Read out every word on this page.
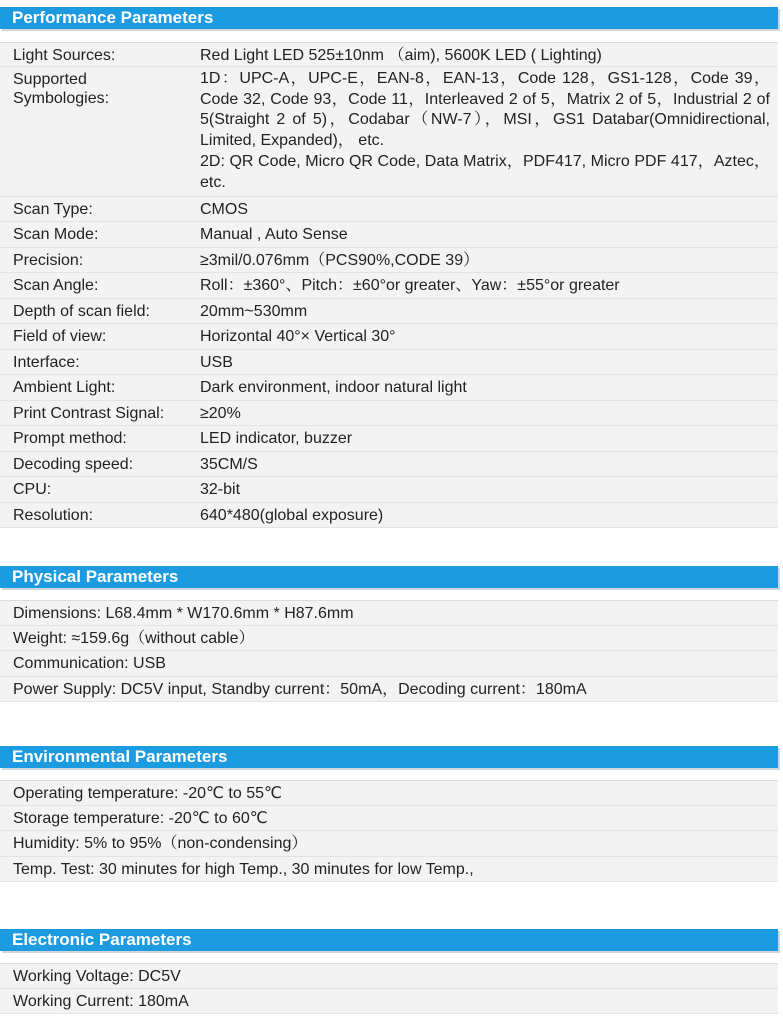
Performance Parameters
Light Sources:	Red Light LED 525±10nm （aim), 5600K LED ( Lighting)
Supported
Symbologies:
1D：UPC-A，UPC-E，EAN-8，EAN-13，Code 128，GS1-128，Code 39，Code 32, Code 93，Code 11，Interleaved 2 of 5，Matrix 2 of 5，Industrial 2 of 5(Straight 2 of 5)，Codabar（NW-7），MSI，GS1 Databar(Omnidirectional, Limited, Expanded)， etc.
2D: QR Code, Micro QR Code, Data Matrix，PDF417, Micro PDF 417，Aztec，etc.
Scan Type:	CMOS
Scan Mode:	Manual , Auto Sense
Precision:	≥3mil/0.076mm（PCS90%,CODE 39）
Scan Angle:	Roll：±360°、Pitch：±60°or greater、Yaw：±55°or greater
Depth of scan field:	20mm~530mm
Field of view:	Horizontal 40°× Vertical 30°
Interface:	USB
Ambient Light:	Dark environment, indoor natural light
Print Contrast Signal:	≥20%
Prompt method:	LED indicator, buzzer
Decoding speed:	35CM/S
CPU:	32-bit
Resolution:	640*480(global exposure)
Physical Parameters
Dimensions: L68.4mm * W170.6mm * H87.6mm
Weight: ≈159.6g（without cable）
Communication: USB
Power Supply: DC5V input, Standby current：50mA，Decoding current：180mA
Environmental Parameters
Operating temperature: -20℃ to 55℃
Storage temperature: -20℃ to 60℃
Humidity: 5% to 95%（non-condensing）
Temp. Test: 30 minutes for high Temp., 30 minutes for low Temp.,
Electronic Parameters
Working Voltage: DC5V
Working Current: 180mA
